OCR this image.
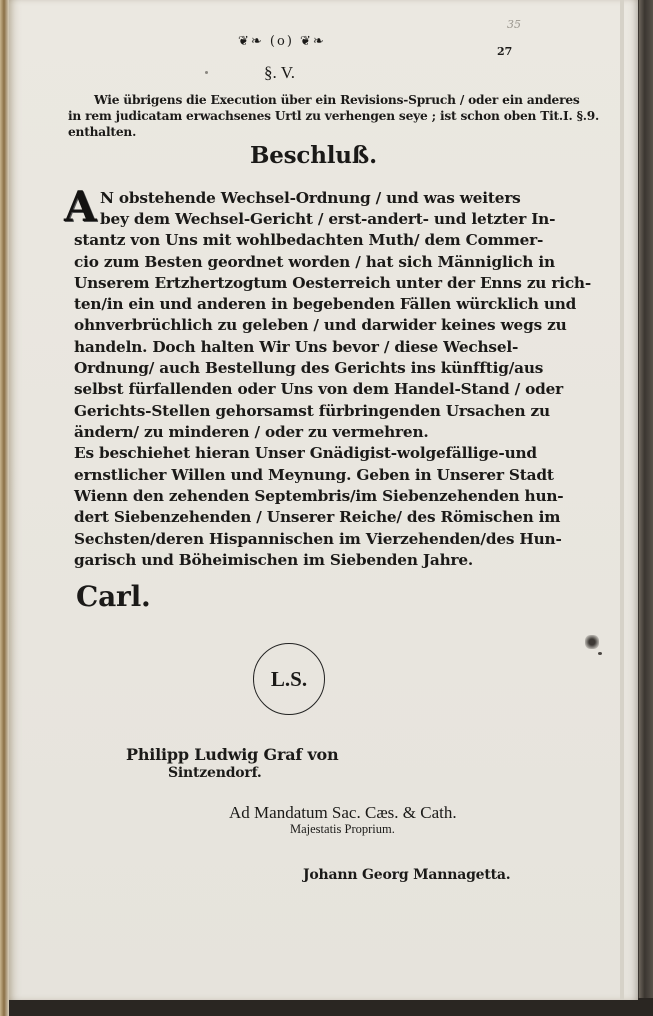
35
❦❧ (o) ❦❧
27
§. V.
Wie übrigens die Execution über ein Revisions-Spruch / oder ein anderes
in rem judicatam erwachsenes Urtl zu verhengen seye ; ist schon oben Tit.I. §.9.
enthalten.
Beschluß.
A N obstehende Wechsel-Ordnung / und was weiters
bey dem Wechsel-Gericht / erst-andert- und letzter In-
stantz von Uns mit wohlbedachten Muth/ dem Commer-
cio zum Besten geordnet worden / hat sich Männiglich in
Unserem Ertzhertzogtum Oesterreich unter der Enns zu rich-
ten/in ein und anderen in begebenden Fällen würcklich und
ohnverbrüchlich zu geleben / und darwider keines wegs zu
handeln. Doch halten Wir Uns bevor / diese Wechsel-
Ordnung/ auch Bestellung des Gerichts ins künfftig/aus
selbst fürfallenden oder Uns von dem Handel-Stand / oder
Gerichts-Stellen gehorsamst fürbringenden Ursachen zu
ändern/ zu minderen / oder zu vermehren.
Es beschiehet hieran Unser Gnädigist-wolgefällige-und
ernstlicher Willen und Meynung. Geben in Unserer Stadt
Wienn den zehenden Septembris/im Siebenzehenden hun-
dert Siebenzehenden / Unserer Reiche/ des Römischen im
Sechsten/deren Hispannischen im Vierzehenden/des Hun-
garisch und Böheimischen im Siebenden Jahre.
Carl.
L.S.
Philipp Ludwig Graf von
Sintzendorf.
Ad Mandatum Sac. Cæs. & Cath.
Majestatis Proprium.
Johann Georg Mannagetta.
